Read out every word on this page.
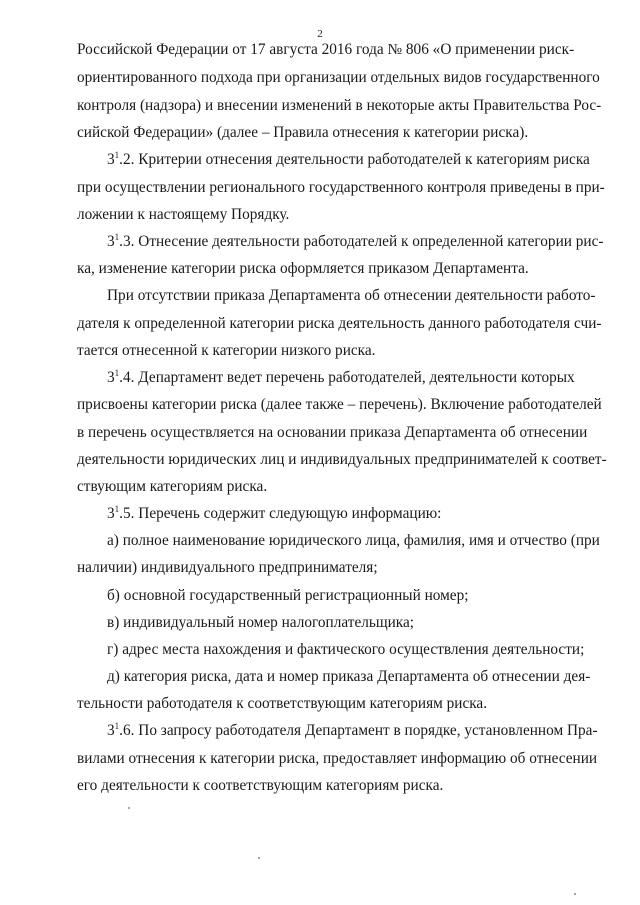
2
Российской Федерации от 17 августа 2016 года № 806 «О применении риск-
ориентированного подхода при организации отдельных видов государственного
контроля (надзора) и внесении изменений в некоторые акты Правительства Рос-
сийской Федерации» (далее – Правила отнесения к категории риска).
$3^1.2$. Критерии отнесения деятельности работодателей к категориям риска
при осуществлении регионального государственного контроля приведены в при-
ложении к настоящему Порядку.
$3^1.3$. Отнесение деятельности работодателей к определенной категории рис-
ка, изменение категории риска оформляется приказом Департамента.
При отсутствии приказа Департамента об отнесении деятельности работо-
дателя к определенной категории риска деятельность данного работодателя счи-
тается отнесенной к категории низкого риска.
$3^1.4$. Департамент ведет перечень работодателей, деятельности которых
присвоены категории риска (далее также – перечень). Включение работодателей
в перечень осуществляется на основании приказа Департамента об отнесении
деятельности юридических лиц и индивидуальных предпринимателей к соответ-
ствующим категориям риска.
$3^1.5$. Перечень содержит следующую информацию:
а) полное наименование юридического лица, фамилия, имя и отчество (при
наличии) индивидуального предпринимателя;
б) основной государственный регистрационный номер;
в) индивидуальный номер налогоплательщика;
г) адрес места нахождения и фактического осуществления деятельности;
д) категория риска, дата и номер приказа Департамента об отнесении дея-
тельности работодателя к соответствующим категориям риска.
$3^1.6$. По запросу работодателя Департамент в порядке, установленном Пра-
вилами отнесения к категории риска, предоставляет информацию об отнесении
его деятельности к соответствующим категориям риска.
